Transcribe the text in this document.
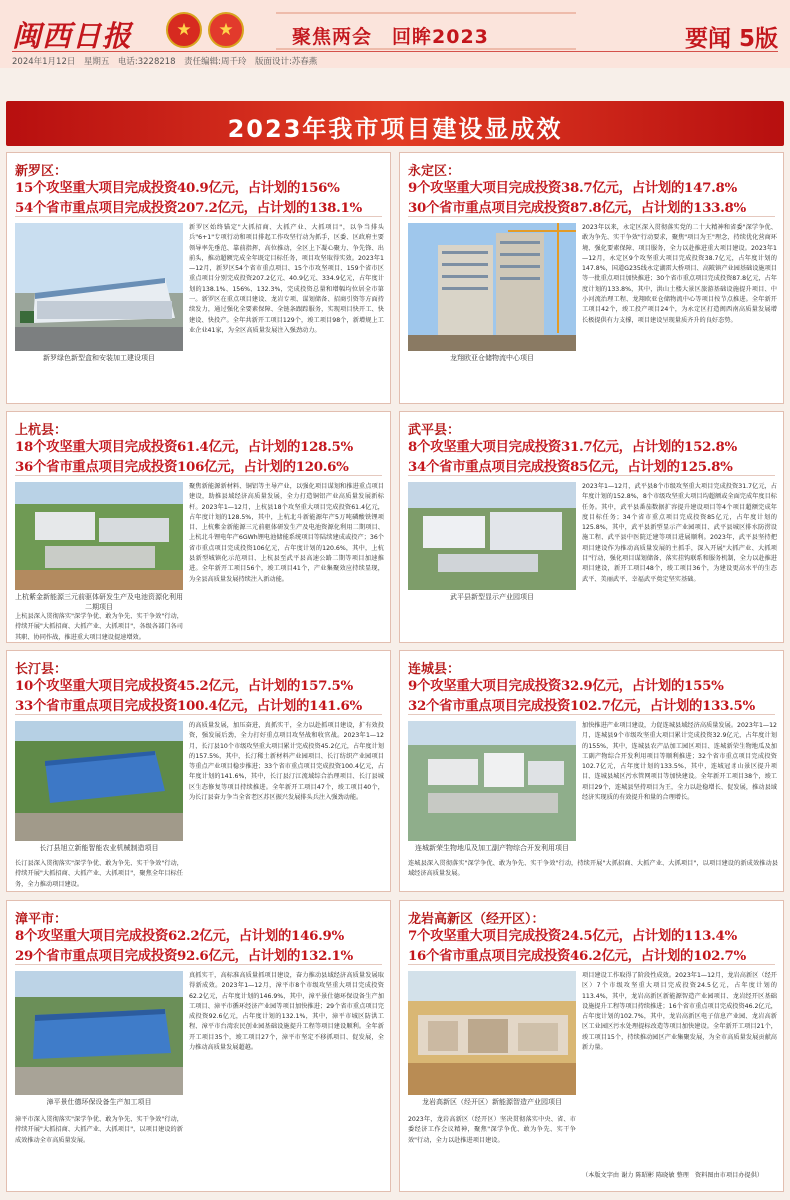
闽西日报	★	★	聚焦两会　回眸2023	要闻 5版
2024年1月12日　星期五　电话:3228218　责任编辑:周千玲　版面设计:苏春燕
2023年我市项目建设显成效
新罗区：
15个攻坚重大项目完成投资40.9亿元，占计划的156%
54个省市重点项目完成投资207.2亿元，占计划的138.1%
新罗绿色新型盒和安装加工建设项目
新罗区始终锚定"大抓招商、大抓产业、大抓项目"，以争当排头兵"6+1"专项行动和项目排起工作攻坚行动为抓手，区委、区政府主要领导率先垂范、靠前指挥，高位推动，全区上下凝心聚力、争先锋、出前头，推动超额完成全年既定目标任务，项目攻坚取得实效。2023年1—12月，新罗区54个省市重点项目、15个市攻坚项目、159个省市区重点项目分别完成投资207.2亿元、40.9亿元、334.9亿元，占年度计划的138.1%、156%、132.3%，完成投资总量和增幅均位居全市第一。新罗区在重点项目建设、龙岩专项、谋划储备、招商引资等方面持续发力，通过强化全要素保障、全链条跟踪服务，实现项目快开工、快建设、快投产。全年共新开工项目129个，竣工项目98个，新增规上工业企业41家，为全区高质量发展注入强劲动力。
永定区：
9个攻坚重大项目完成投资38.7亿元，占计划的147.8%
30个省市重点项目完成投资87.8亿元，占计划的133.8%
龙翔欧亚仓储物流中心项目
2023年以来，永定区深入贯彻落实党的二十大精神和省委"深学争优、敢为争先、实干争效"行动要求，聚焦"项目为王"理念，持续优化营商环境、强化要素保障、项目服务，全力以赴推进重大项目建设。2023年1—12月，永定区9个攻坚重大项目完成投资38.7亿元，占年度计划的147.8%，国道G235线永定湖雷大桥项目、高陂镇产业园基础设施项目等一批重点项目加快推进；30个省市重点项目完成投资87.8亿元，占年度计划的133.8%，其中，洪山土楼大景区旅游基础设施提升项目、中小河流治理工程、龙翔欧亚仓储物流中心等项目按节点推进。全年新开工项目42个，竣工投产项目24个，为永定区打造闽西南高质量发展增长极提供有力支撑，项目建设呈现量质齐升的良好态势。
上杭县：
18个攻坚重大项目完成投资61.4亿元，占计划的128.5%
36个省市重点项目完成投资106亿元，占计划的120.6%
上杭紫金新能源三元前驱体研发生产及电池资源化利用二期项目
上杭县深入贯彻落实"深学争优、敢为争先、实干争效"行动，持续开展"大抓招商、大抓产业、大抓项目"，各级各部门各司其职、协同作战，推进重大项目建设提速增效。
聚焦新能源新材料、铜铝等主导产业，以强化项目谋划和推进重点项目建设，助推县域经济高质量发展，全力打造铜铝产业高质量发展新标杆。2023年1—12月，上杭县18个攻坚重大项目完成投资61.4亿元，占年度计划的128.5%，其中，上杭北斗新能源年产5万吨磷酸铁锂项目、上杭紫金新能源三元前驱体研发生产及电池资源化利用二期项目、上杭北斗锂电年产6GWh锂电池储能系统项目等陆续建成或投产；36个省市重点项目完成投资106亿元，占年度计划的120.6%，其中，上杭县新型城镇化示范项目、上杭县至武平县高速公路二期等项目加速推进。全年新开工项目56个，竣工项目41个，产业集聚效应持续显现，为全县高质量发展持续注入新动能。
武平县：
8个攻坚重大项目完成投资31.7亿元，占计划的152.8%
34个省市重点项目完成投资85亿元，占计划的125.8%
武平县新型显示产业园项目
2023年1—12月，武平县8个市级攻坚重大项目完成投资31.7亿元，占年度计划的152.8%，8个市级攻坚重大项目均超额或全面完成年度目标任务。其中，武平县番茄数据扩容提升建设项目等4个项目超额完成年度目标任务；34个省市重点项目完成投资85亿元，占年度计划的125.8%，其中，武平县新型显示产业园项目、武平县城区排水防涝设施工程、武平县中医院迁建等项目进展顺利。2023年，武平县坚持把项目建设作为推动高质量发展的主抓手，深入开展"大抓产业、大抓项目"行动，强化项目谋划储备，落实挂钩联系和服务机制，全力以赴推进项目建设，新开工项目48个，竣工项目36个，为建设更高水平的生态武平、美丽武平、幸福武平奠定坚实基础。
长汀县：
10个攻坚重大项目完成投资45.2亿元，占计划的157.5%
33个省市重点项目完成投资100.4亿元，占计划的141.6%
长汀县旭立新能智能农业机械制造项目
长汀县深入贯彻落实"深学争优、敢为争先、实干争效"行动，持续开展"大抓招商、大抓产业、大抓项目"，聚焦全年目标任务，全力推动项目建设。
的高质量发展，加压奋进，真抓实干，全力以赴抓项目建设，扩有效投资，强发展后劲，全力打好重点项目攻坚战和收官战。2023年1—12月，长汀县10个市级攻坚重大项目累计完成投资45.2亿元，占年度计划的157.5%，其中，长汀稀土新材料产业园项目、长汀纺织产业园项目等重点产业项目稳步推进；33个省市重点项目完成投资100.4亿元，占年度计划的141.6%，其中，长汀县汀江流域综合治理项目、长汀县城区生态修复等项目持续推进。全年新开工项目47个，竣工项目40个，为长汀县奋力争当全省老区苏区振兴发展排头兵注入强劲动能。
连城县：
9个攻坚重大项目完成投资32.9亿元，占计划的155%
32个省市重点项目完成投资102.7亿元，占计划的133.5%
连城新荣生物地瓜及加工副产物综合开发利用项目
连城县深入贯彻落实"深学争优、敢为争先、实干争效"行动，持续开展"大抓招商、大抓产业、大抓项目"，以项目建设的新成效推动县域经济高质量发展。
加快推进产业项目建设，力促连城县域经济高质量发展。2023年1—12月，连城县9个市级攻坚重大项目累计完成投资32.9亿元，占年度计划的155%，其中，连城县农产品加工园区项目、连城新荣生物地瓜及加工副产物综合开发利用项目等顺利推进；32个省市重点项目完成投资102.7亿元，占年度计划的133.5%，其中，连城冠豸山景区提升项目、连城县城区污水管网项目等加快建设。全年新开工项目38个，竣工项目29个，连城县坚持项目为王，全力以赴稳增长、促发展，推动县域经济实现质的有效提升和量的合理增长。
漳平市：
8个攻坚重大项目完成投资62.2亿元，占计划的146.9%
29个省市重点项目完成投资92.6亿元，占计划的132.1%
漳平景仕德环保设备生产加工项目
漳平市深入贯彻落实"深学争优、敢为争先、实干争效"行动，持续开展"大抓招商、大抓产业、大抓项目"，以项目建设的新成效推动全市高质量发展。
真抓实干，高标准高质量抓项目建设，奋力推动县域经济高质量发展取得新成效。2023年1—12月，漳平市8个市级攻坚重大项目完成投资62.2亿元，占年度计划的146.9%，其中，漳平景仕德环保设备生产加工项目、漳平市循环经济产业园等项目加快推进；29个省市重点项目完成投资92.6亿元，占年度计划的132.1%，其中，漳平市城区防洪工程、漳平市台湾农民创业园基础设施提升工程等项目建设顺利。全年新开工项目35个，竣工项目27个，漳平市坚定不移抓项目、促发展，全力推动高质量发展超越。
龙岩高新区（经开区）：
7个攻坚重大项目完成投资24.5亿元，占计划的113.4%
16个省市重点项目完成投资46.2亿元，占计划的102.7%
龙岩高新区（经开区）新能源智造产业园项目
2023年，龙岩高新区（经开区）坚决贯彻落实中央、省、市委经济工作会议精神，聚焦"深学争优、敢为争先、实干争效"行动，全力以赴推进项目建设。
项目建设工作取得了阶段性成效。2023年1—12月，龙岩高新区（经开区）7个市级攻坚重大项目完成投资24.5亿元，占年度计划的113.4%，其中，龙岩高新区新能源智造产业园项目、龙岩经开区基础设施提升工程等项目持续推进；16个省市重点项目完成投资46.2亿元，占年度计划的102.7%，其中，龙岩高新区电子信息产业园、龙岩高新区工业园区污水处理提标改造等项目加快建设。全年新开工项目21个，竣工项目15个，持续推动园区产业集聚发展，为全市高质量发展贡献高新力量。
（本版文字由 谢力 陈昭彬 陈晓敏 整理　资料图由市项目办提供）
